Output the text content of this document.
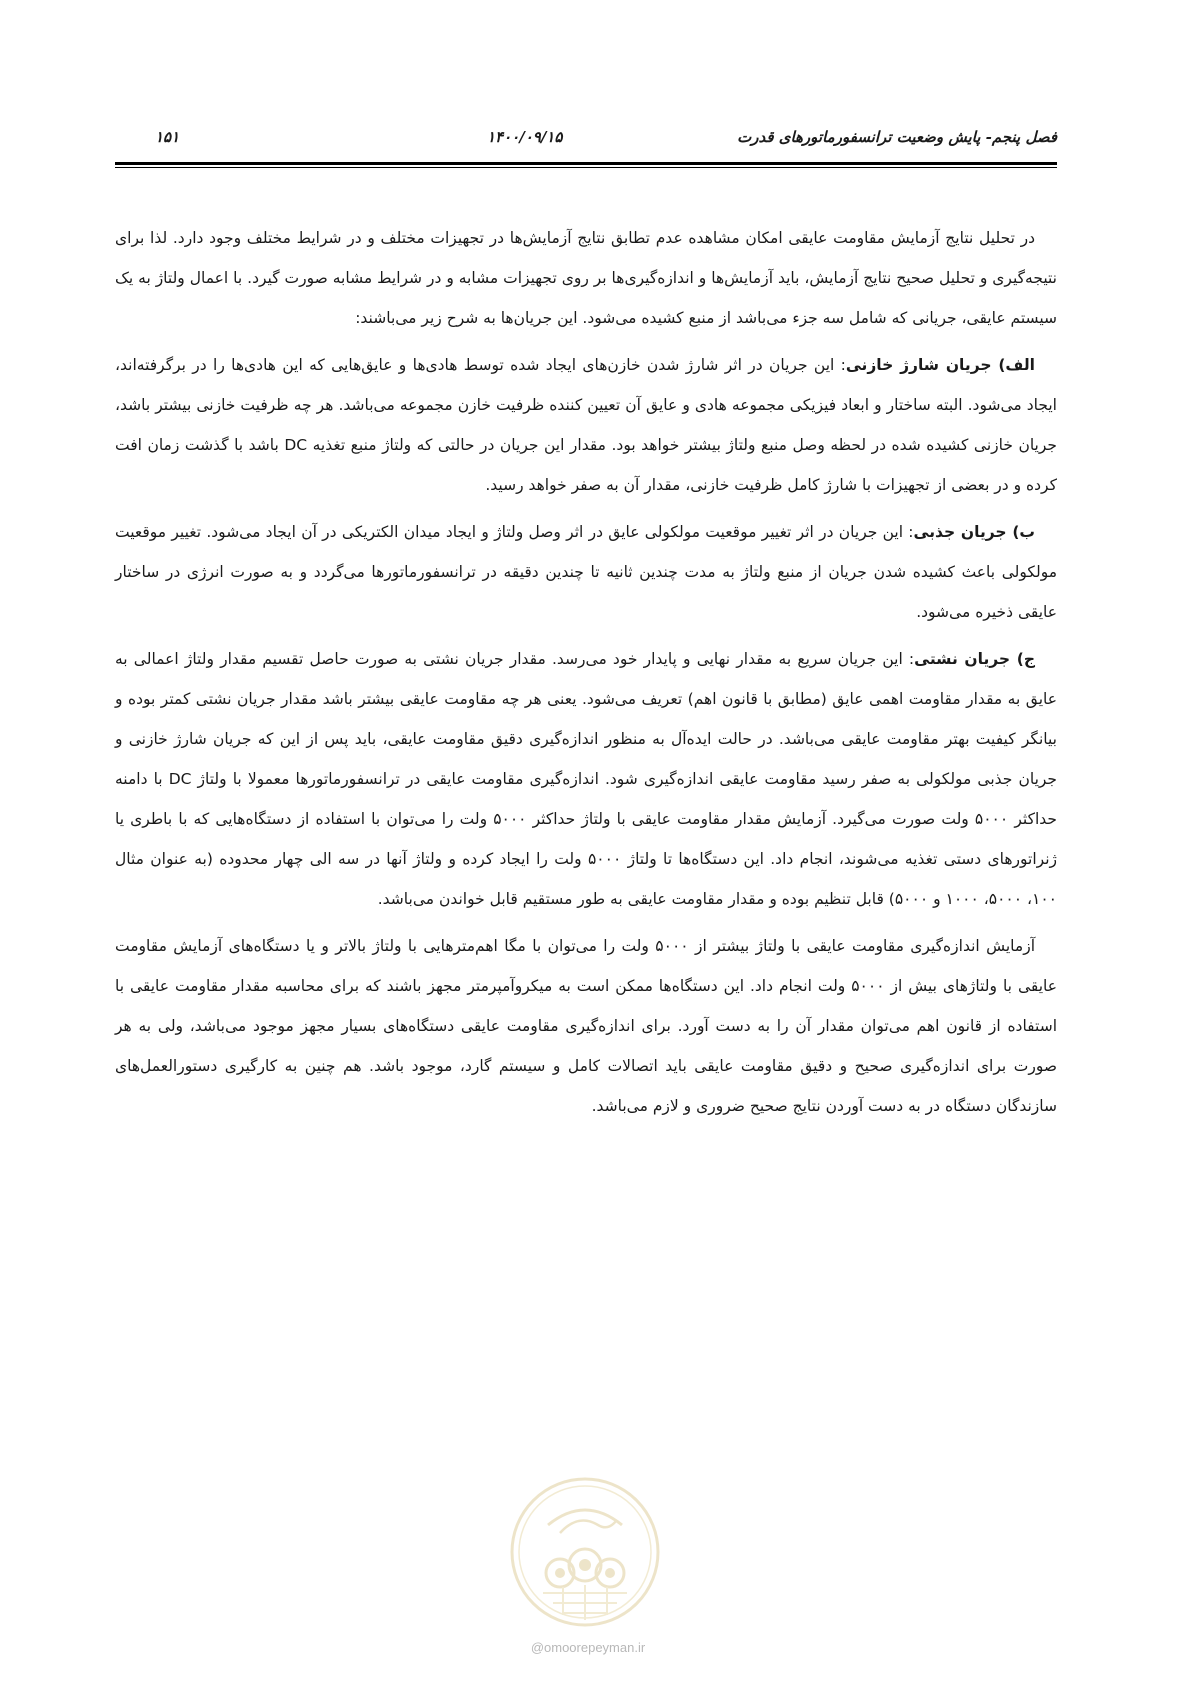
فصل پنجم- پایش وضعیت ترانسفورماتورهای قدرت
۱۴۰۰/۰۹/۱۵
۱۵۱

در تحلیل نتایج آزمایش مقاومت عایقی امکان مشاهده عدم تطابق نتایج آزمایش‌ها در تجهیزات مختلف و در شرایط مختلف وجود دارد. لذا برای نتیجه‌گیری و تحلیل صحیح نتایج آزمایش، باید آزمایش‌ها و اندازه‌گیری‌ها بر روی تجهیزات مشابه و در شرایط مشابه صورت گیرد. با اعمال ولتاژ به یک سیستم عایقی، جریانی که شامل سه جزء می‌باشد از منبع کشیده می‌شود. این جریان‌ها به شرح زیر می‌باشند:

الف) جریان شارژ خازنی: این جریان در اثر شارژ شدن خازن‌های ایجاد شده توسط هادی‌ها و عایق‌هایی که این هادی‌ها را در برگرفته‌اند، ایجاد می‌شود. البته ساختار و ابعاد فیزیکی مجموعه هادی و عایق آن تعیین کننده ظرفیت خازن مجموعه می‌باشد. هر چه ظرفیت خازنی بیشتر باشد، جریان خازنی کشیده شده در لحظه وصل منبع ولتاژ بیشتر خواهد بود. مقدار این جریان در حالتی که ولتاژ منبع تغذیه DC باشد با گذشت زمان افت کرده و در بعضی از تجهیزات با شارژ کامل ظرفیت خازنی، مقدار آن به صفر خواهد رسید.

ب) جریان جذبی: این جریان در اثر تغییر موقعیت مولکولی عایق در اثر وصل ولتاژ و ایجاد میدان الکتریکی در آن ایجاد می‌شود. تغییر موقعیت مولکولی باعث کشیده شدن جریان از منبع ولتاژ به مدت چندین ثانیه تا چندین دقیقه در ترانسفورماتورها می‌گردد و به صورت انرژی در ساختار عایقی ذخیره می‌شود.

ج) جریان نشتی: این جریان سریع به مقدار نهایی و پایدار خود می‌رسد. مقدار جریان نشتی به صورت حاصل تقسیم مقدار ولتاژ اعمالی به عایق به مقدار مقاومت اهمی عایق (مطابق با قانون اهم) تعریف می‌شود. یعنی هر چه مقاومت عایقی بیشتر باشد مقدار جریان نشتی کمتر بوده و بیانگر کیفیت بهتر مقاومت عایقی می‌باشد. در حالت ایده‌آل به منظور اندازه‌گیری دقیق مقاومت عایقی، باید پس از این که جریان شارژ خازنی و جریان جذبی مولکولی به صفر رسید مقاومت عایقی اندازه‌گیری شود. اندازه‌گیری مقاومت عایقی در ترانسفورماتورها معمولا با ولتاژ DC با دامنه حداکثر ۵۰۰۰ ولت صورت می‌گیرد. آزمایش مقدار مقاومت عایقی با ولتاژ حداکثر ۵۰۰۰ ولت را می‌توان با استفاده از دستگاه‌هایی که با باطری یا ژنراتورهای دستی تغذیه می‌شوند، انجام داد. این دستگاه‌ها تا ولتاژ ۵۰۰۰ ولت را ایجاد کرده و ولتاژ آنها در سه الی چهار محدوده (به عنوان مثال ۱۰۰، ۵۰۰۰، ۱۰۰۰ و ۵۰۰۰) قابل تنظیم بوده و مقدار مقاومت عایقی به طور مستقیم قابل خواندن می‌باشد.

آزمایش اندازه‌گیری مقاومت عایقی با ولتاژ بیشتر از ۵۰۰۰ ولت را می‌توان با مگا اهم‌مترهایی با ولتاژ بالاتر و یا دستگاه‌های آزمایش مقاومت عایقی با ولتاژهای بیش از ۵۰۰۰ ولت انجام داد. این دستگاه‌ها ممکن است به میکروآمپرمتر مجهز باشند که برای محاسبه مقدار مقاومت عایقی با استفاده از قانون اهم می‌توان مقدار آن را به دست آورد. برای اندازه‌گیری مقاومت عایقی دستگاه‌های بسیار مجهز موجود می‌باشد، ولی به هر صورت برای اندازه‌گیری صحیح و دقیق مقاومت عایقی باید اتصالات کامل و سیستم گارد، موجود باشد. هم چنین به کارگیری دستورالعمل‌های سازندگان دستگاه در به دست آوردن نتایج صحیح ضروری و لازم می‌باشد.

@omoorepeyman.ir
